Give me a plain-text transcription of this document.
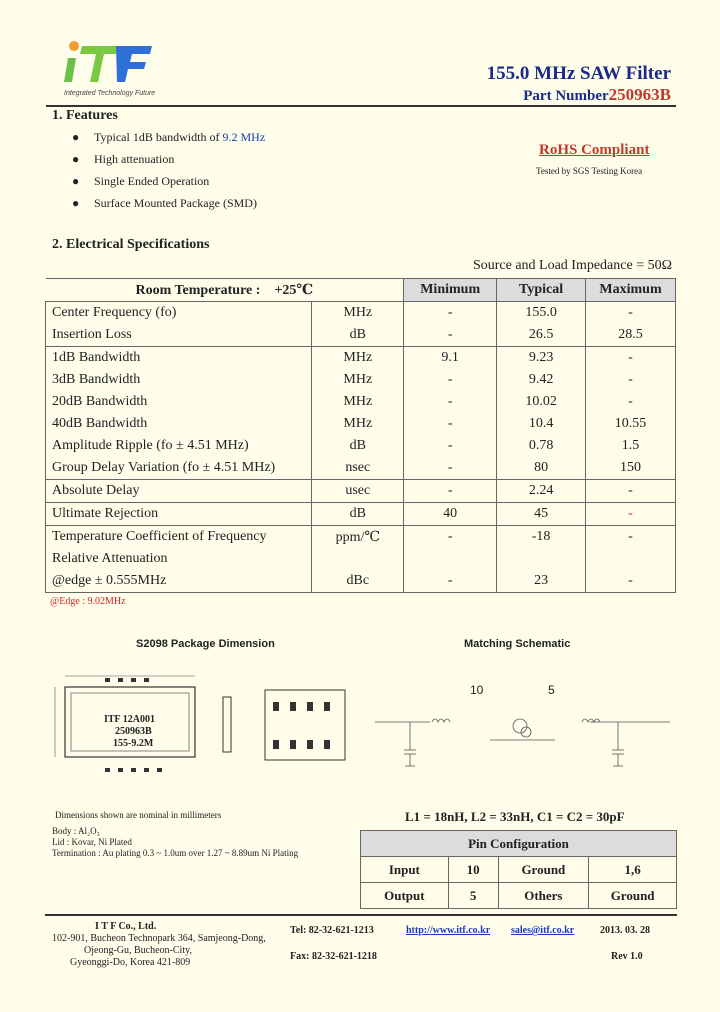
Integrated Technology Future
155.0 MHz SAW Filter
Part Number250963B
1. Features
● Typical 1dB bandwidth of 9.2 MHz
● High attenuation
● Single Ended Operation
● Surface Mounted Package (SMD)
RoHS Compliant
Tested by SGS Testing Korea
2. Electrical Specifications
Source and Load Impedance = 50Ω
Room Temperature : +25℃		Minimum	Typical	Maximum
Center Frequency (fo)	MHz	-	155.0	-
Insertion Loss	dB	-	26.5	28.5
1dB Bandwidth	MHz	9.1	9.23	-
3dB Bandwidth	MHz	-	9.42	-
20dB Bandwidth	MHz	-	10.02	-
40dB Bandwidth	MHz	-	10.4	10.55
Amplitude Ripple (fo ± 4.51 MHz)	dB	-	0.78	1.5
Group Delay Variation (fo ± 4.51 MHz)	nsec	-	80	150
Absolute Delay	usec	-	2.24	-
Ultimate Rejection	dB	40	45	-
Temperature Coefficient of Frequency	ppm/℃	-	-18	-
Relative Attenuation				
@edge ± 0.555MHz	dBc	-	23	-
@Edge : 9.02MHz
S2098 Package Dimension
ITF 12A001
250963B
155-9.2M
Dimensions shown are nominal in millimeters
Body : Al₂O₃
Lid : Kovar, Ni Plated
Termination : Au plating 0.3 ~ 1.0um over 1.27 ~ 8.89um Ni Plating
Matching Schematic
10	5
L1 = 18nH, L2 = 33nH, C1 = C2 = 30pF
Pin Configuration			
Input	10	Ground	1,6
Output	5	Others	Ground
I T F Co., Ltd.
102-901, Bucheon Technopark 364, Samjeong-Dong,
Ojeong-Gu, Bucheon-City,
Gyeonggi-Do, Korea 421-809
Tel: 82-32-621-1213
Fax: 82-32-621-1218
http://www.itf.co.kr sales@itf.co.kr	2013. 03. 28
Rev 1.0
